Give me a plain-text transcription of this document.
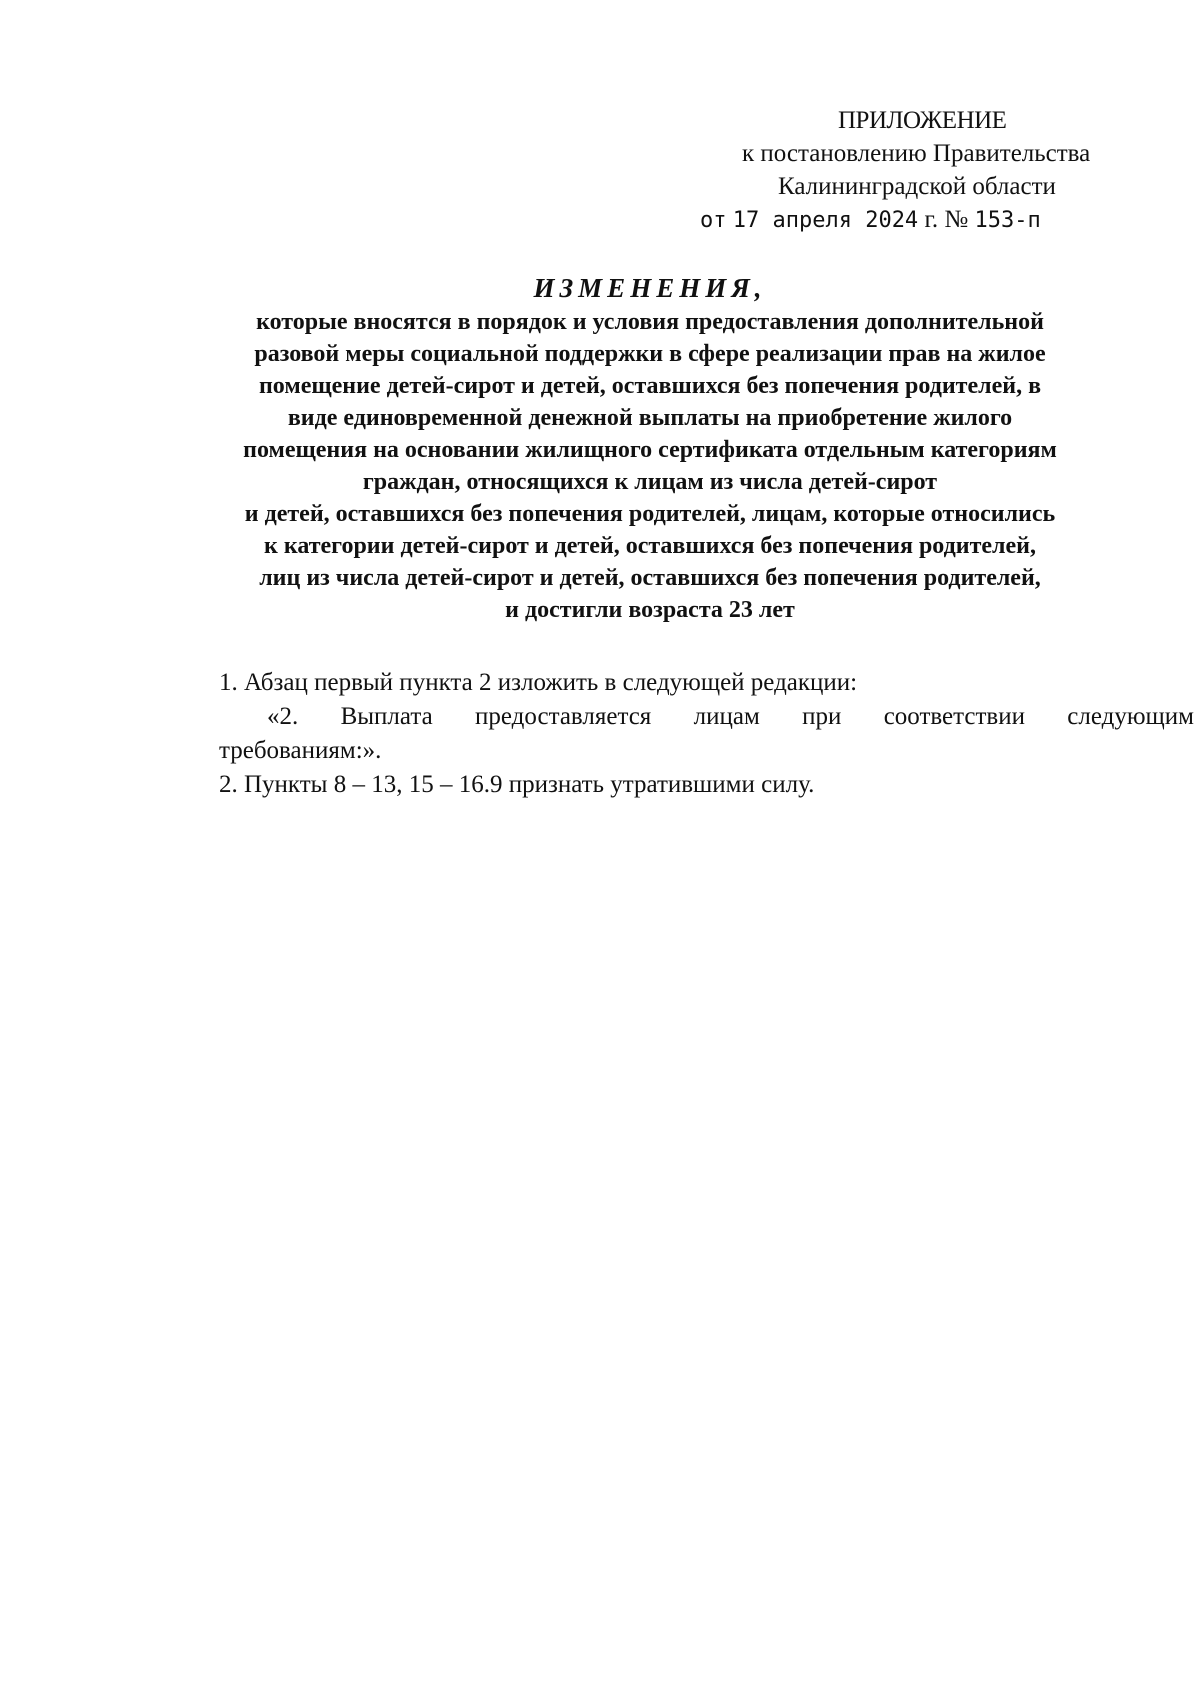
ПРИЛОЖЕНИЕ
к постановлению Правительства
Калининградской области
от 17 апреля 2024 г. № 153-п
ИЗМЕНЕНИЯ,
которые вносятся в порядок и условия предоставления дополнительной
разовой меры социальной поддержки в сфере реализации прав на жилое
помещение детей-сирот и детей, оставшихся без попечения родителей, в
виде единовременной денежной выплаты на приобретение жилого
помещения на основании жилищного сертификата отдельным категориям
граждан, относящихся к лицам из числа детей-сирот
и детей, оставшихся без попечения родителей, лицам, которые относились
к категории детей-сирот и детей, оставшихся без попечения родителей,
лиц из числа детей-сирот и детей, оставшихся без попечения родителей,
и достигли возраста 23 лет

1. Абзац первый пункта 2 изложить в следующей редакции:

«2. Выплата предоставляется лицам при соответствии следующим требованиям:».

2. Пункты 8 – 13, 15 – 16.9 признать утратившими силу.
